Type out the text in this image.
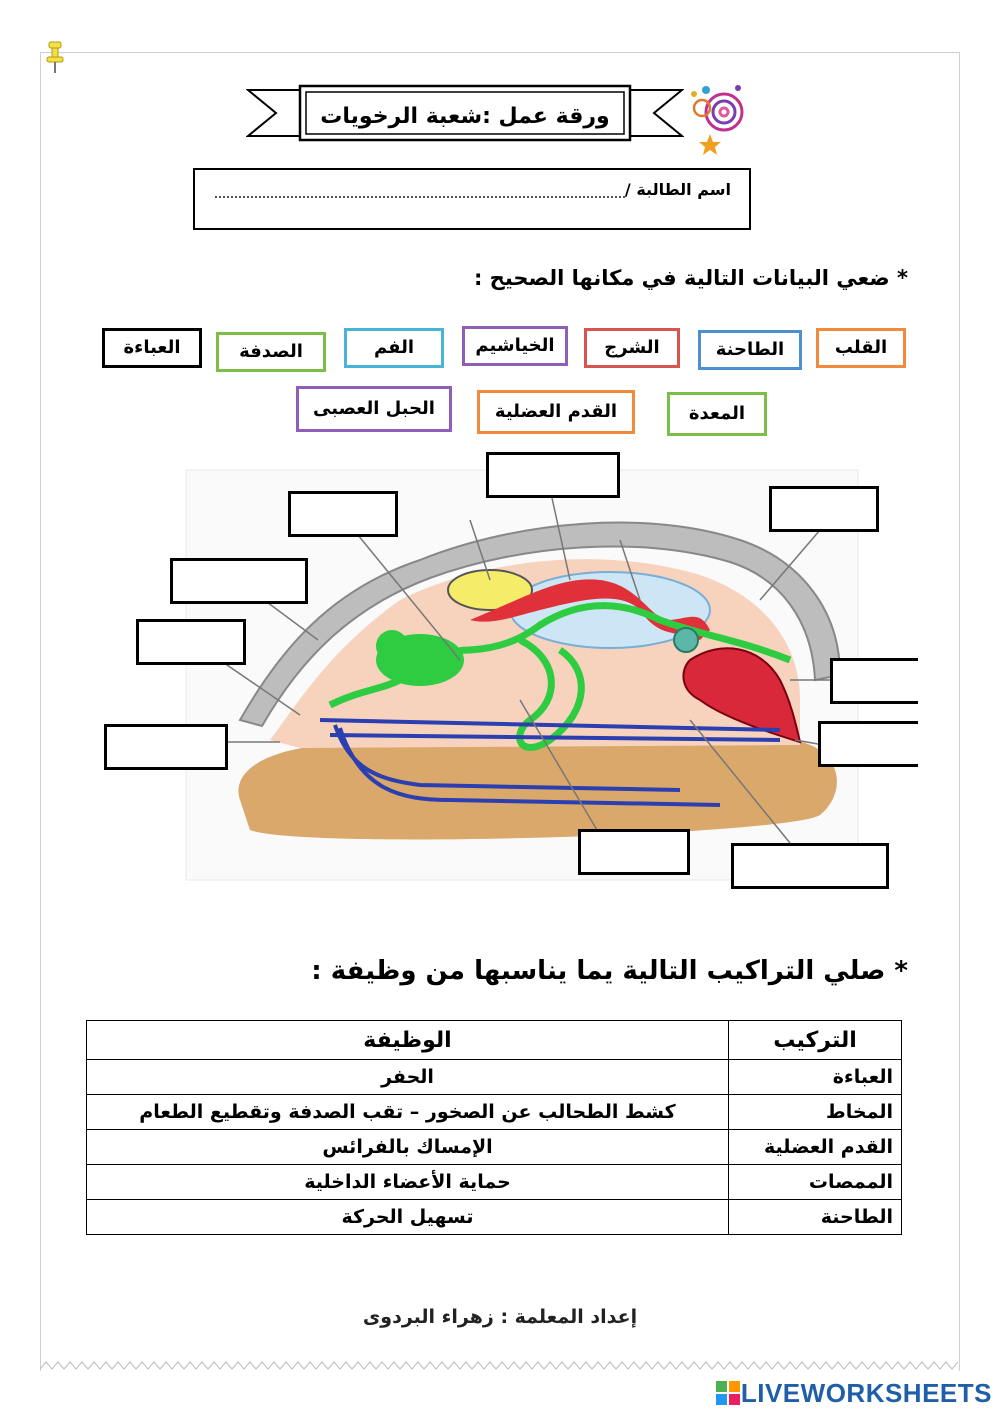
ورقة عمل :شعبة الرخويات
اسم الطالبة /
* ضعي البيانات التالية في مكانها الصحيح :
القلب
الطاحنة
الشرج
الخياشيم
الفم
الصدفة
العباءة
المعدة
القدم العضلية
الحبل العصبى
* صلي التراكيب التالية يما يناسبها من وظيفة :
التركيب	الوظيفة
العباءة	الحفر
المخاط	كشط الطحالب عن الصخور – تقب الصدفة وتقطيع الطعام
القدم العضلية	الإمساك بالفرائس
الممصات	حماية الأعضاء الداخلية
الطاحنة	تسهيل الحركة
إعداد المعلمة : زهراء البردوى
LIVEWORKSHEETS
